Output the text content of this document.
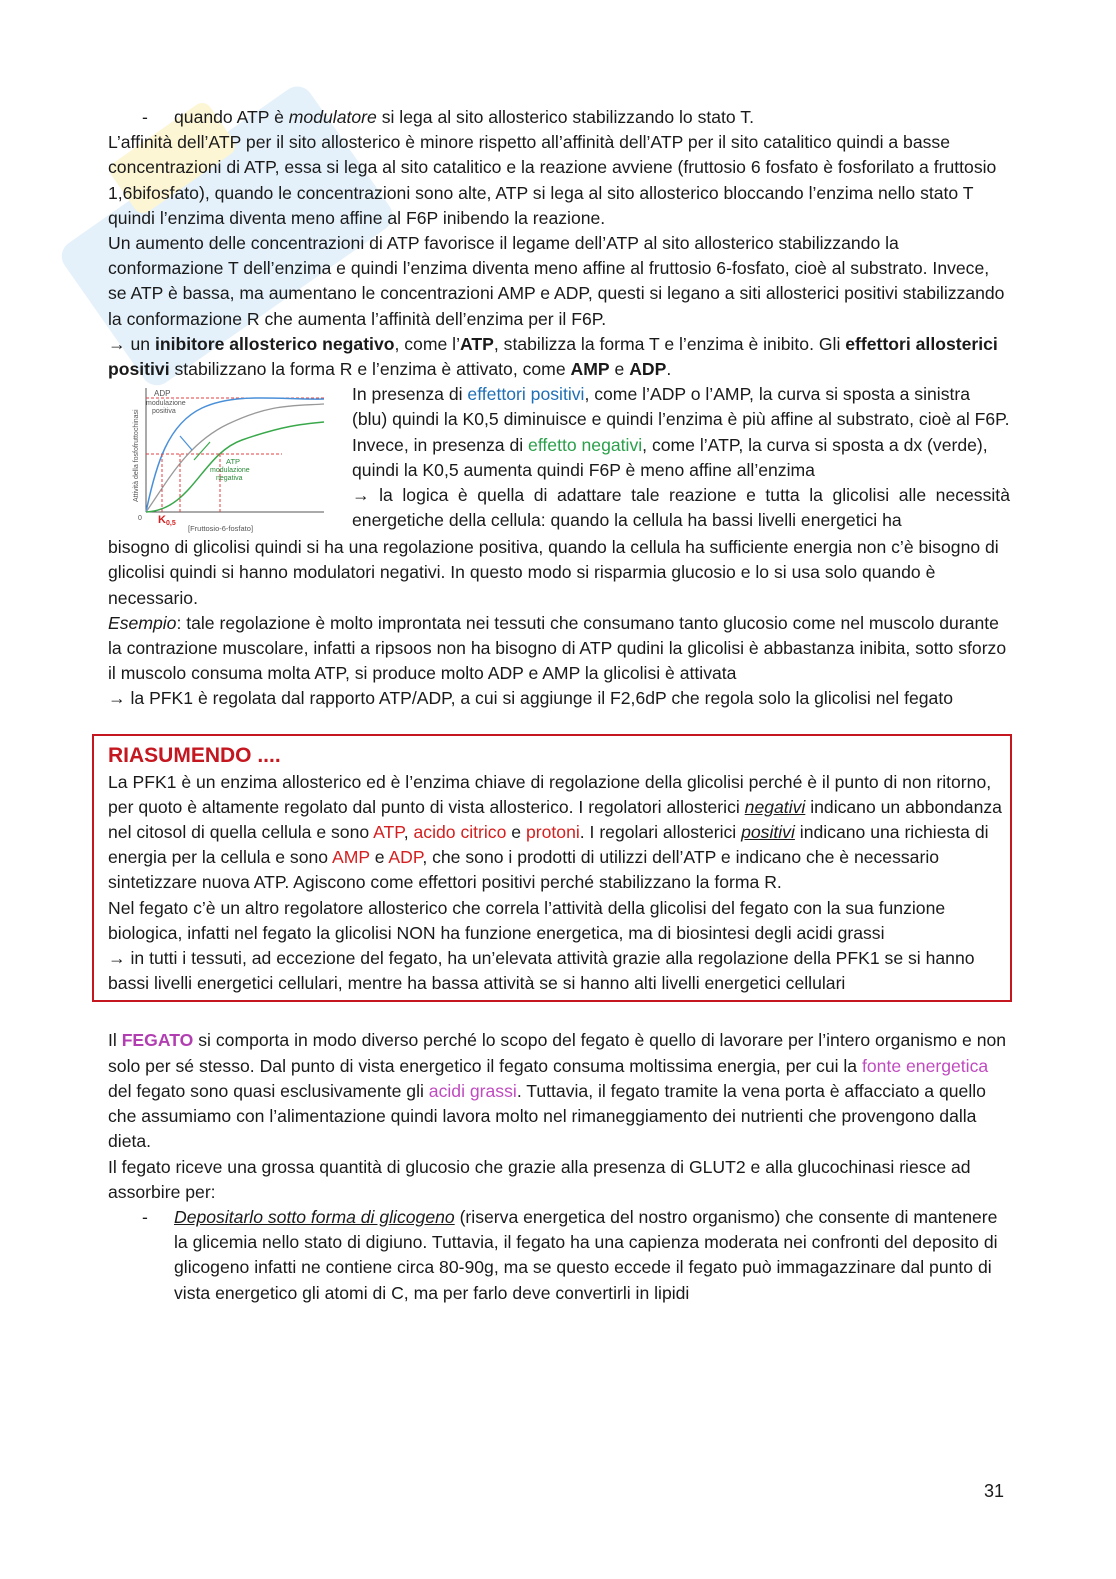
-	quando ATP è modulatore si lega al sito allosterico stabilizzando lo stato T.

L’affinità dell’ATP per il sito allosterico è minore rispetto all’affinità dell’ATP per il sito catalitico quindi a basse concentrazioni di ATP, essa si lega al sito catalitico e la reazione avviene (fruttosio 6 fosfato è fosforilato a fruttosio 1,6bifosfato), quando le concentrazioni sono alte, ATP si lega al sito allosterico bloccando l’enzima nello stato T quindi l’enzima diventa meno affine al F6P inibendo la reazione.

Un aumento delle concentrazioni di ATP favorisce il legame dell’ATP al sito allosterico stabilizzando la conformazione T dell’enzima e quindi l’enzima diventa meno affine al fruttosio 6-fosfato, cioè al substrato. Invece, se ATP è bassa, ma aumentano le concentrazioni AMP e ADP, questi si legano a siti allosterici positivi stabilizzando la conformazione R che aumenta l’affinità dell’enzima per il F6P.

→ un inibitore allosterico negativo, come l’ATP, stabilizza la forma T e l’enzima è inibito. Gli effettori allosterici positivi stabilizzano la forma R e l’enzima è attivato, come AMP e ADP.

ADP
modulazione
positiva
ATP
modulazione
negativa
Attività della fosfofruttochinasi
K 0,5
[Fruttosio-6-fosfato]
0

In presenza di effettori positivi, come l’ADP o l’AMP, la curva si sposta a sinistra (blu) quindi la K0,5 diminuisce e quindi l’enzima è più affine al substrato, cioè al F6P. Invece, in presenza di effetto negativi, come l’ATP, la curva si sposta a dx (verde), quindi la K0,5 aumenta quindi F6P è meno affine all’enzima

→ la logica è quella di adattare tale reazione e tutta la glicolisi alle necessità energetiche della cellula: quando la cellula ha bassi livelli energetici ha

bisogno di glicolisi quindi si ha una regolazione positiva, quando la cellula ha sufficiente energia non c’è bisogno di glicolisi quindi si hanno modulatori negativi. In questo modo si risparmia glucosio e lo si usa solo quando è necessario.

Esempio: tale regolazione è molto improntata nei tessuti che consumano tanto glucosio come nel muscolo durante la contrazione muscolare, infatti a ripsoos non ha bisogno di ATP qudini la glicolisi è abbastanza inibita, sotto sforzo il muscolo consuma molta ATP, si produce molto ADP e AMP la glicolisi è attivata

→ la PFK1 è regolata dal rapporto ATP/ADP, a cui si aggiunge il F2,6dP che regola solo la glicolisi nel fegato

RIASUMENDO ....

La PFK1 è un enzima allosterico ed è l’enzima chiave di regolazione della glicolisi perché è il punto di non ritorno, per quoto è altamente regolato dal punto di vista allosterico. I regolatori allosterici negativi indicano un abbondanza nel citosol di quella cellula e sono ATP, acido citrico e protoni. I regolari allosterici positivi indicano una richiesta di energia per la cellula e sono AMP e ADP, che sono i prodotti di utilizzi dell’ATP e indicano che è necessario sintetizzare nuova ATP. Agiscono come effettori positivi perché stabilizzano la forma R.

Nel fegato c’è un altro regolatore allosterico che correla l’attività della glicolisi del fegato con la sua funzione biologica, infatti nel fegato la glicolisi NON ha funzione energetica, ma di biosintesi degli acidi grassi

→ in tutti i tessuti, ad eccezione del fegato, ha un’elevata attività grazie alla regolazione della PFK1 se si hanno bassi livelli energetici cellulari, mentre ha bassa attività se si hanno alti livelli energetici cellulari

Il FEGATO si comporta in modo diverso perché lo scopo del fegato è quello di lavorare per l’intero organismo e non solo per sé stesso. Dal punto di vista energetico il fegato consuma moltissima energia, per cui la fonte energetica del fegato sono quasi esclusivamente gli acidi grassi. Tuttavia, il fegato tramite la vena porta è affacciato a quello che assumiamo con l’alimentazione quindi lavora molto nel rimaneggiamento dei nutrienti che provengono dalla dieta.

Il fegato riceve una grossa quantità di glucosio che grazie alla presenza di GLUT2 e alla glucochinasi riesce ad assorbire per:

-	Depositarlo sotto forma di glicogeno (riserva energetica del nostro organismo) che consente di mantenere la glicemia nello stato di digiuno. Tuttavia, il fegato ha una capienza moderata nei confronti del deposito di glicogeno infatti ne contiene circa 80-90g, ma se questo eccede il fegato può immagazzinare dal punto di vista energetico gli atomi di C, ma per farlo deve convertirli in lipidi
31
